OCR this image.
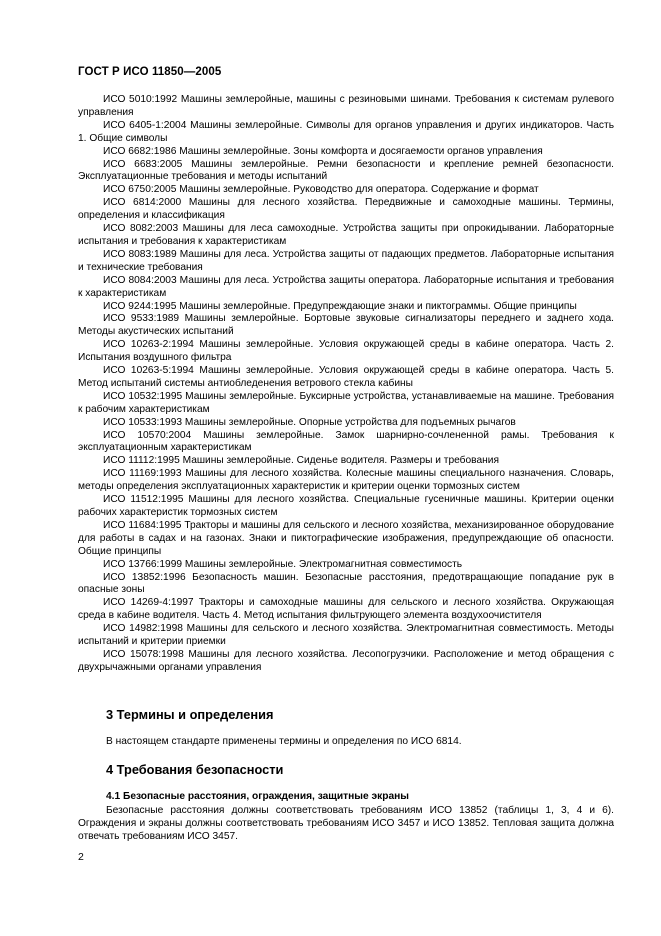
ГОСТ Р ИСО 11850—2005

ИСО 5010:1992 Машины землеройные, машины с резиновыми шинами. Требования к системам рулевого управления

ИСО 6405-1:2004 Машины землеройные. Символы для органов управления и других индикаторов. Часть 1. Общие символы

ИСО 6682:1986 Машины землеройные. Зоны комфорта и досягаемости органов управления

ИСО 6683:2005 Машины землеройные. Ремни безопасности и крепление ремней безопасности. Эксплуатационные требования и методы испытаний

ИСО 6750:2005 Машины землеройные. Руководство для оператора. Содержание и формат

ИСО 6814:2000 Машины для лесного хозяйства. Передвижные и самоходные машины. Термины, определения и классификация

ИСО 8082:2003 Машины для леса самоходные. Устройства защиты при опрокидывании. Лабораторные испытания и требования к характеристикам

ИСО 8083:1989 Машины для леса. Устройства защиты от падающих предметов. Лабораторные испытания и технические требования

ИСО 8084:2003 Машины для леса. Устройства защиты оператора. Лабораторные испытания и требования к характеристикам

ИСО 9244:1995 Машины землеройные. Предупреждающие знаки и пиктограммы. Общие принципы

ИСО 9533:1989 Машины землеройные. Бортовые звуковые сигнализаторы переднего и заднего хода. Методы акустических испытаний

ИСО 10263-2:1994 Машины землеройные. Условия окружающей среды в кабине оператора. Часть 2. Испытания воздушного фильтра

ИСО 10263-5:1994 Машины землеройные. Условия окружающей среды в кабине оператора. Часть 5. Метод испытаний системы антиобледенения ветрового стекла кабины

ИСО 10532:1995 Машины землеройные. Буксирные устройства, устанавливаемые на машине. Требования к рабочим характеристикам

ИСО 10533:1993 Машины землеройные. Опорные устройства для подъемных рычагов

ИСО 10570:2004 Машины землеройные. Замок шарнирно-сочлененной рамы. Требования к эксплуатационным характеристикам

ИСО 11112:1995 Машины землеройные. Сиденье водителя. Размеры и требования

ИСО 11169:1993 Машины для лесного хозяйства. Колесные машины специального назначения. Словарь, методы определения эксплуатационных характеристик и критерии оценки тормозных систем

ИСО 11512:1995 Машины для лесного хозяйства. Специальные гусеничные машины. Критерии оценки рабочих характеристик тормозных систем

ИСО 11684:1995 Тракторы и машины для сельского и лесного хозяйства, механизированное оборудование для работы в садах и на газонах. Знаки и пиктографические изображения, предупреждающие об опасности. Общие принципы

ИСО 13766:1999 Машины землеройные. Электромагнитная совместимость

ИСО 13852:1996 Безопасность машин. Безопасные расстояния, предотвращающие попадание рук в опасные зоны

ИСО 14269-4:1997 Тракторы и самоходные машины для сельского и лесного хозяйства. Окружающая среда в кабине водителя. Часть 4. Метод испытания фильтрующего элемента воздухоочистителя

ИСО 14982:1998 Машины для сельского и лесного хозяйства. Электромагнитная совместимость. Методы испытаний и критерии приемки

ИСО 15078:1998 Машины для лесного хозяйства. Лесопогрузчики. Расположение и метод обращения с двухрычажными органами управления

3 Термины и определения

В настоящем стандарте применены термины и определения по ИСО 6814.

4 Требования безопасности

4.1 Безопасные расстояния, ограждения, защитные экраны

Безопасные расстояния должны соответствовать требованиям ИСО 13852 (таблицы 1, 3, 4 и 6). Ограждения и экраны должны соответствовать требованиям ИСО 3457 и ИСО 13852. Тепловая защита должна отвечать требованиям ИСО 3457.

2
